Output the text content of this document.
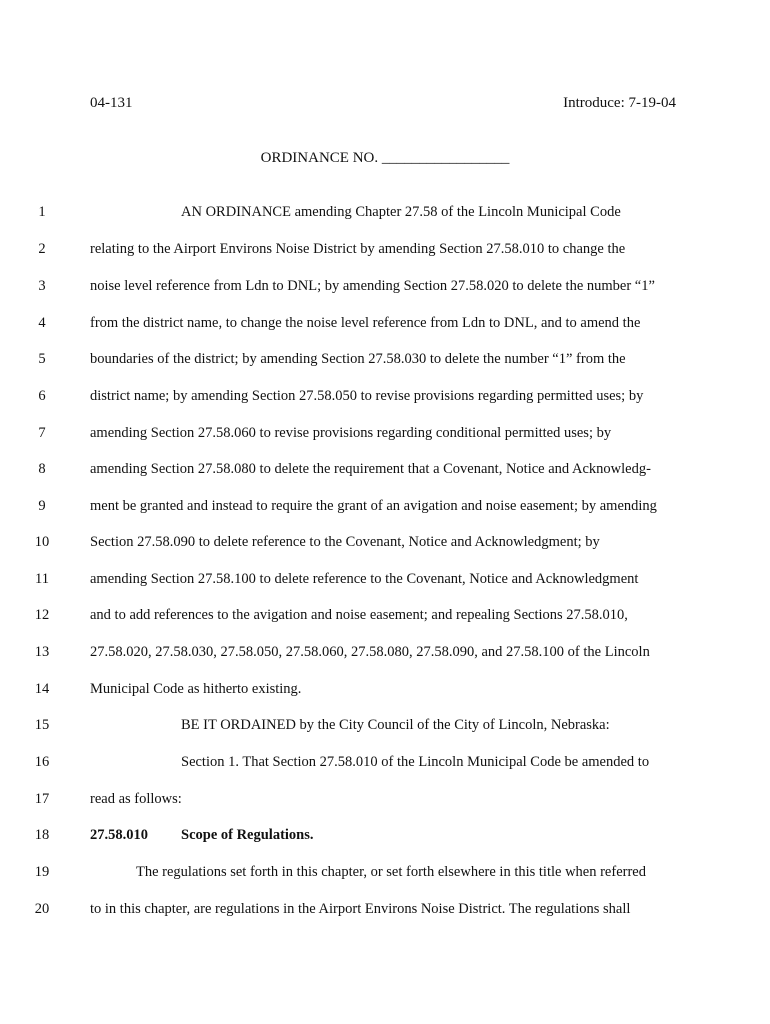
04-131	Introduce: 7-19-04
ORDINANCE NO. _________________
1	AN ORDINANCE amending Chapter 27.58 of the Lincoln Municipal Code
2	relating to the Airport Environs Noise District by amending Section 27.58.010 to change the
3	noise level reference from Ldn to DNL; by amending Section 27.58.020 to delete the number “1”
4	from the district name, to change the noise level reference from Ldn to DNL, and to amend the
5	boundaries of the district; by amending Section 27.58.030 to delete the number “1” from the
6	district name; by amending Section 27.58.050 to revise provisions regarding permitted uses; by
7	amending Section 27.58.060 to revise provisions regarding conditional permitted uses; by
8	amending Section 27.58.080 to delete the requirement that a Covenant, Notice and Acknowledg-
9	ment be granted and instead to require the grant of an avigation and noise easement; by amending
10	Section 27.58.090 to delete reference to the Covenant, Notice and Acknowledgment; by
11	amending Section 27.58.100 to delete reference to the Covenant, Notice and Acknowledgment
12	and to add references to the avigation and noise easement; and repealing Sections 27.58.010,
13	27.58.020, 27.58.030, 27.58.050, 27.58.060, 27.58.080, 27.58.090, and 27.58.100 of the Lincoln
14	Municipal Code as hitherto existing.
15	BE IT ORDAINED by the City Council of the City of Lincoln, Nebraska:
16	Section 1. That Section 27.58.010 of the Lincoln Municipal Code be amended to
17	read as follows:
18	27.58.010 Scope of Regulations.
19	The regulations set forth in this chapter, or set forth elsewhere in this title when referred
20	to in this chapter, are regulations in the Airport Environs Noise District. The regulations shall
